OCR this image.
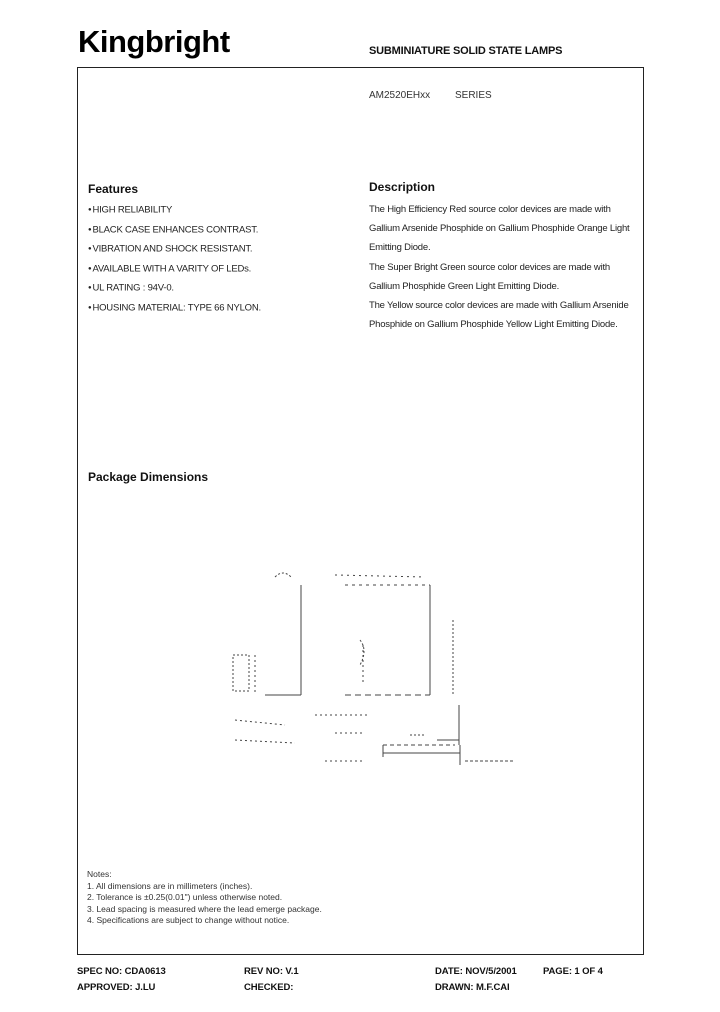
Kingbright	SUBMINIATURE SOLID STATE LAMPS
AM2520EHxx SERIES
Features
● HIGH RELIABILITY
● BLACK CASE ENHANCES CONTRAST.
● VIBRATION AND SHOCK RESISTANT.
● AVAILABLE WITH A VARITY OF LEDs.
● UL RATING : 94V-0.
● HOUSING MATERIAL: TYPE 66 NYLON.
Description

The High Efficiency Red source color devices are made with Gallium Arsenide Phosphide on Gallium Phosphide Orange Light Emitting Diode.

The Super Bright Green source color devices are made with Gallium Phosphide Green Light Emitting Diode.

The Yellow source color devices are made with Gallium Arsenide Phosphide on Gallium Phosphide Yellow Light Emitting Diode.

Package Dimensions
Notes:
1. All dimensions are in millimeters (inches).
2. Tolerance is ±0.25(0.01") unless otherwise noted.
3. Lead spacing is measured where the lead emerge package.
4. Specifications are subject to change without notice.
SPEC NO: CDA0613	REV NO: V.1	DATE: NOV/5/2001	PAGE: 1 OF 4
APPROVED: J.LU	CHECKED:	DRAWN: M.F.CAI
